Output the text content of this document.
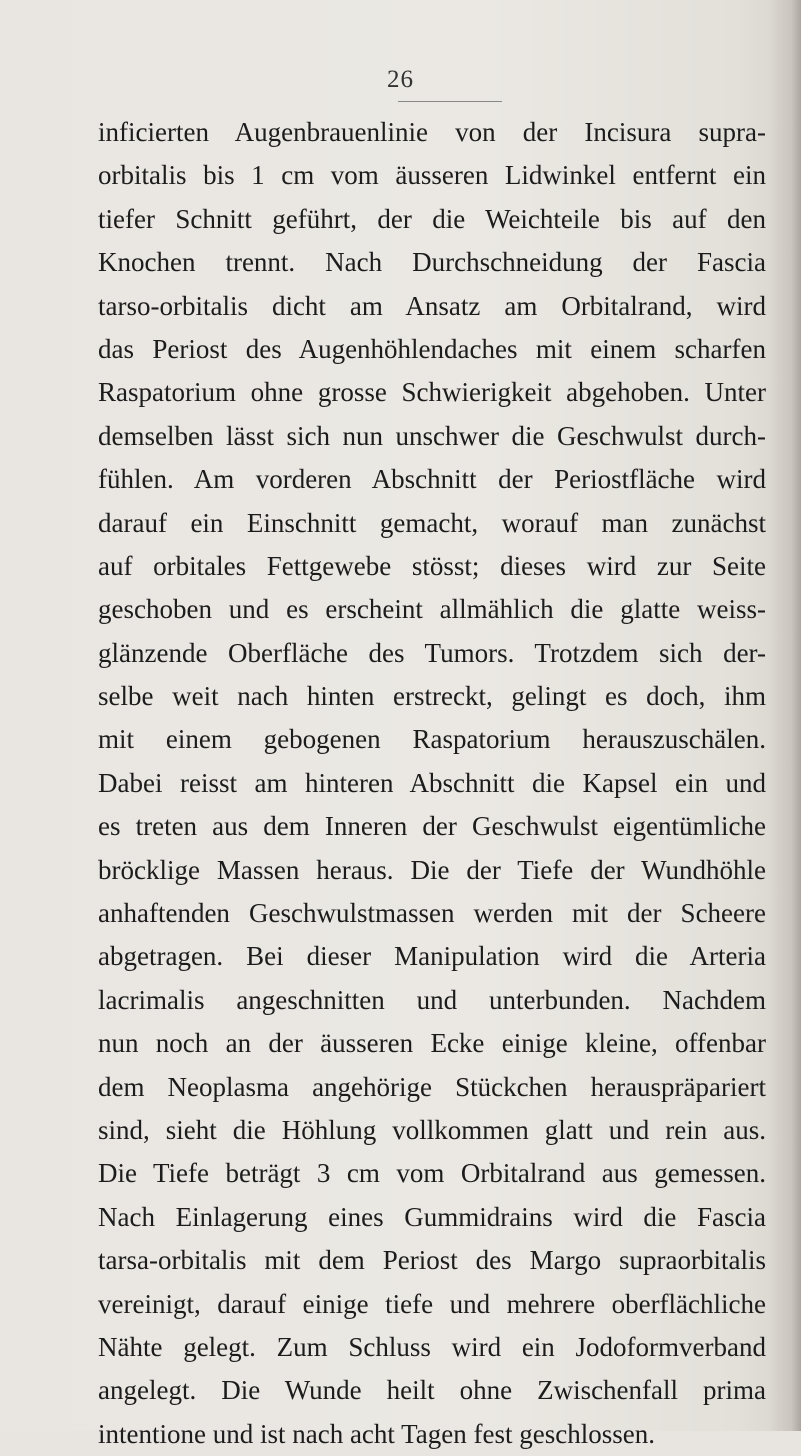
26
inficierten Augenbrauenlinie von der Incisura supra-
orbitalis bis 1 cm vom äusseren Lidwinkel entfernt ein
tiefer Schnitt geführt, der die Weichteile bis auf den
Knochen trennt. Nach Durchschneidung der Fascia
tarso-orbitalis dicht am Ansatz am Orbitalrand, wird
das Periost des Augenhöhlendaches mit einem scharfen
Raspatorium ohne grosse Schwierigkeit abgehoben. Unter
demselben lässt sich nun unschwer die Geschwulst durch-
fühlen. Am vorderen Abschnitt der Periostfläche wird
darauf ein Einschnitt gemacht, worauf man zunächst
auf orbitales Fettgewebe stösst; dieses wird zur Seite
geschoben und es erscheint allmählich die glatte weiss-
glänzende Oberfläche des Tumors. Trotzdem sich der-
selbe weit nach hinten erstreckt, gelingt es doch, ihm
mit einem gebogenen Raspatorium herauszuschälen.
Dabei reisst am hinteren Abschnitt die Kapsel ein und
es treten aus dem Inneren der Geschwulst eigentümliche
bröcklige Massen heraus. Die der Tiefe der Wundhöhle
anhaftenden Geschwulstmassen werden mit der Scheere
abgetragen. Bei dieser Manipulation wird die Arteria
lacrimalis angeschnitten und unterbunden. Nachdem
nun noch an der äusseren Ecke einige kleine, offenbar
dem Neoplasma angehörige Stückchen herauspräpariert
sind, sieht die Höhlung vollkommen glatt und rein aus.
Die Tiefe beträgt 3 cm vom Orbitalrand aus gemessen.
Nach Einlagerung eines Gummidrains wird die Fascia
tarsa-orbitalis mit dem Periost des Margo supraorbitalis
vereinigt, darauf einige tiefe und mehrere oberflächliche
Nähte gelegt. Zum Schluss wird ein Jodoformverband
angelegt. Die Wunde heilt ohne Zwischenfall prima
intentione und ist nach acht Tagen fest geschlossen.
